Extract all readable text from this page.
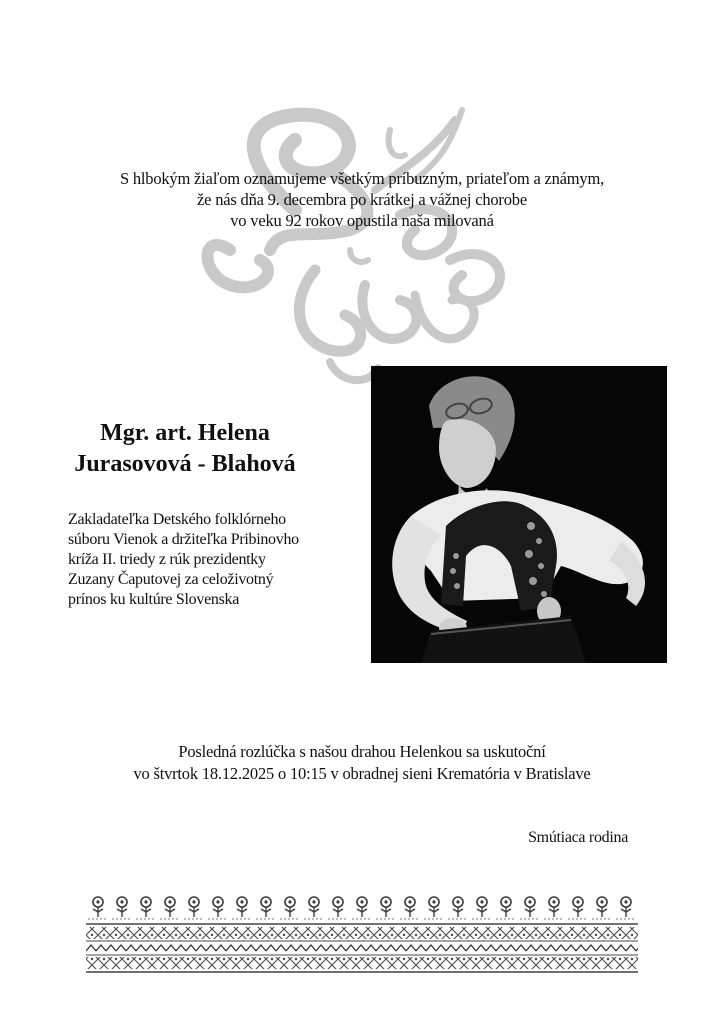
S hlbokým žiaľom oznamujeme všetkým príbuzným, priateľom a známym,
že nás dňa 9. decembra po krátkej a vážnej chorobe
vo veku 92 rokov opustila naša milovaná
Mgr. art. Helena
Jurasovová - Blahová
Zakladateľka Detského folklórneho
súboru Vienok a držiteľka Pribinovho
kríža II. triedy z rúk prezidentky
Zuzany Čaputovej za celoživotný
prínos ku kultúre Slovenska
Posledná rozlúčka s našou drahou Helenkou sa uskutoční
vo štvrtok 18.12.2025 o 10:15 v obradnej sieni Krematória v Bratislave
Smútiaca rodina
